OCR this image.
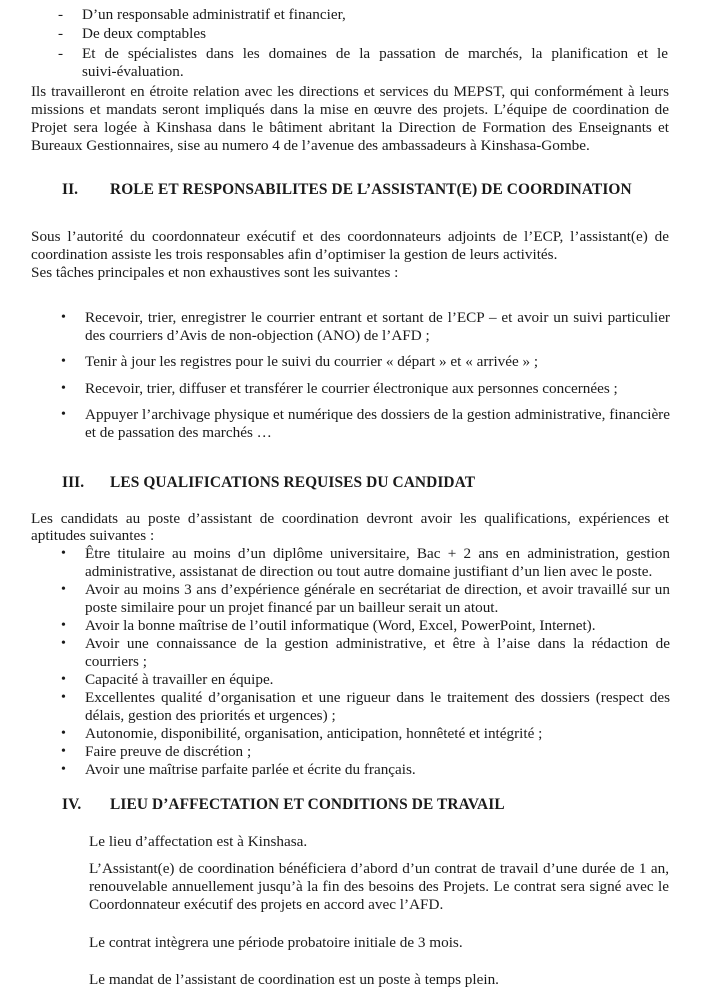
-	D’un responsable administratif et financier,
-	De deux comptables
-	Et de spécialistes dans les domaines de la passation de marchés, la planification et le
suivi-évaluation.
Ils travailleront en étroite relation avec les directions et services du MEPST, qui conformément à leurs
missions et mandats seront impliqués dans la mise en œuvre des projets. L’équipe de coordination de
Projet sera logée à Kinshasa dans le bâtiment abritant la Direction de Formation des Enseignants et
Bureaux Gestionnaires, sise au numero 4 de l’avenue des ambassadeurs à Kinshasa-Gombe.
II. ROLE ET RESPONSABILITES DE L’ASSISTANT(E) DE COORDINATION
Sous l’autorité du coordonnateur exécutif et des coordonnateurs adjoints de l’ECP, l’assistant(e) de
coordination assiste les trois responsables afin d’optimiser la gestion de leurs activités.
Ses tâches principales et non exhaustives sont les suivantes :
• Recevoir, trier, enregistrer le courrier entrant et sortant de l’ECP – et avoir un suivi particulier
des courriers d’Avis de non-objection (ANO) de l’AFD ;
• Tenir à jour les registres pour le suivi du courrier « départ » et « arrivée » ;
• Recevoir, trier, diffuser et transférer le courrier électronique aux personnes concernées ;
• Appuyer l’archivage physique et numérique des dossiers de la gestion administrative, financière
et de passation des marchés …
III. LES QUALIFICATIONS REQUISES DU CANDIDAT
Les candidats au poste d’assistant de coordination devront avoir les qualifications, expériences et
aptitudes suivantes :
• Être titulaire au moins d’un diplôme universitaire, Bac + 2 ans en administration, gestion
administrative, assistanat de direction ou tout autre domaine justifiant d’un lien avec le poste.
• Avoir au moins 3 ans d’expérience générale en secrétariat de direction, et avoir travaillé sur un
poste similaire pour un projet financé par un bailleur serait un atout.
• Avoir la bonne maîtrise de l’outil informatique (Word, Excel, PowerPoint, Internet).
• Avoir une connaissance de la gestion administrative, et être à l’aise dans la rédaction de
courriers ;
• Capacité à travailler en équipe.
• Excellentes qualité d’organisation et une rigueur dans le traitement des dossiers (respect des
délais, gestion des priorités et urgences) ;
• Autonomie, disponibilité, organisation, anticipation, honnêteté et intégrité ;
• Faire preuve de discrétion ;
• Avoir une maîtrise parfaite parlée et écrite du français.
IV. LIEU D’AFFECTATION ET CONDITIONS DE TRAVAIL
Le lieu d’affectation est à Kinshasa.
L’Assistant(e) de coordination bénéficiera d’abord d’un contrat de travail d’une durée de 1 an,
renouvelable annuellement jusqu’à la fin des besoins des Projets. Le contrat sera signé avec le
Coordonnateur exécutif des projets en accord avec l’AFD.
Le contrat intègrera une période probatoire initiale de 3 mois.
Le mandat de l’assistant de coordination est un poste à temps plein.
